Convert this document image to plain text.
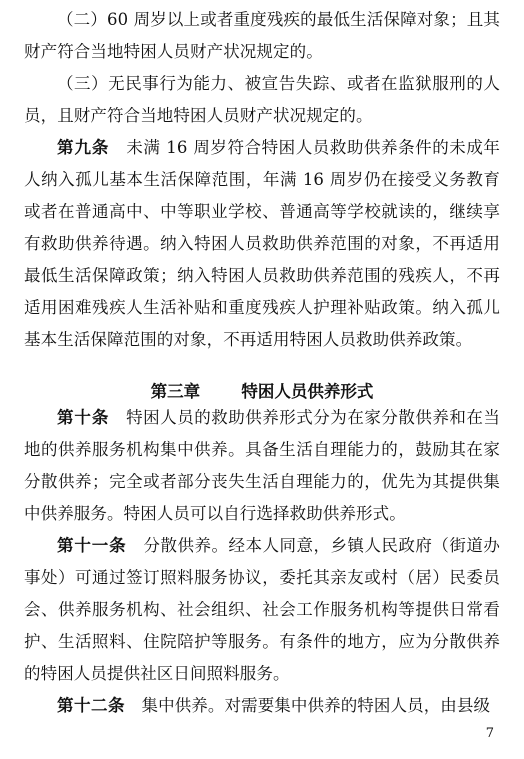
（二）60 周岁以上或者重度残疾的最低生活保障对象；且其财产符合当地特困人员财产状况规定的。

（三）无民事行为能力、被宣告失踪、或者在监狱服刑的人员，且财产符合当地特困人员财产状况规定的。

第九条 未满 16 周岁符合特困人员救助供养条件的未成年人纳入孤儿基本生活保障范围，年满 16 周岁仍在接受义务教育或者在普通高中、中等职业学校、普通高等学校就读的，继续享有救助供养待遇。纳入特困人员救助供养范围的对象，不再适用最低生活保障政策；纳入特困人员救助供养范围的残疾人，不再适用困难残疾人生活补贴和重度残疾人护理补贴政策。纳入孤儿基本生活保障范围的对象，不再适用特困人员救助供养政策。

第三章	特困人员供养形式

第十条 特困人员的救助供养形式分为在家分散供养和在当地的供养服务机构集中供养。具备生活自理能力的，鼓励其在家分散供养；完全或者部分丧失生活自理能力的，优先为其提供集中供养服务。特困人员可以自行选择救助供养形式。

第十一条 分散供养。经本人同意，乡镇人民政府（街道办事处）可通过签订照料服务协议，委托其亲友或村（居）民委员会、供养服务机构、社会组织、社会工作服务机构等提供日常看护、生活照料、住院陪护等服务。有条件的地方，应为分散供养的特困人员提供社区日间照料服务。

第十二条 集中供养。对需要集中供养的特困人员，由县级

7
